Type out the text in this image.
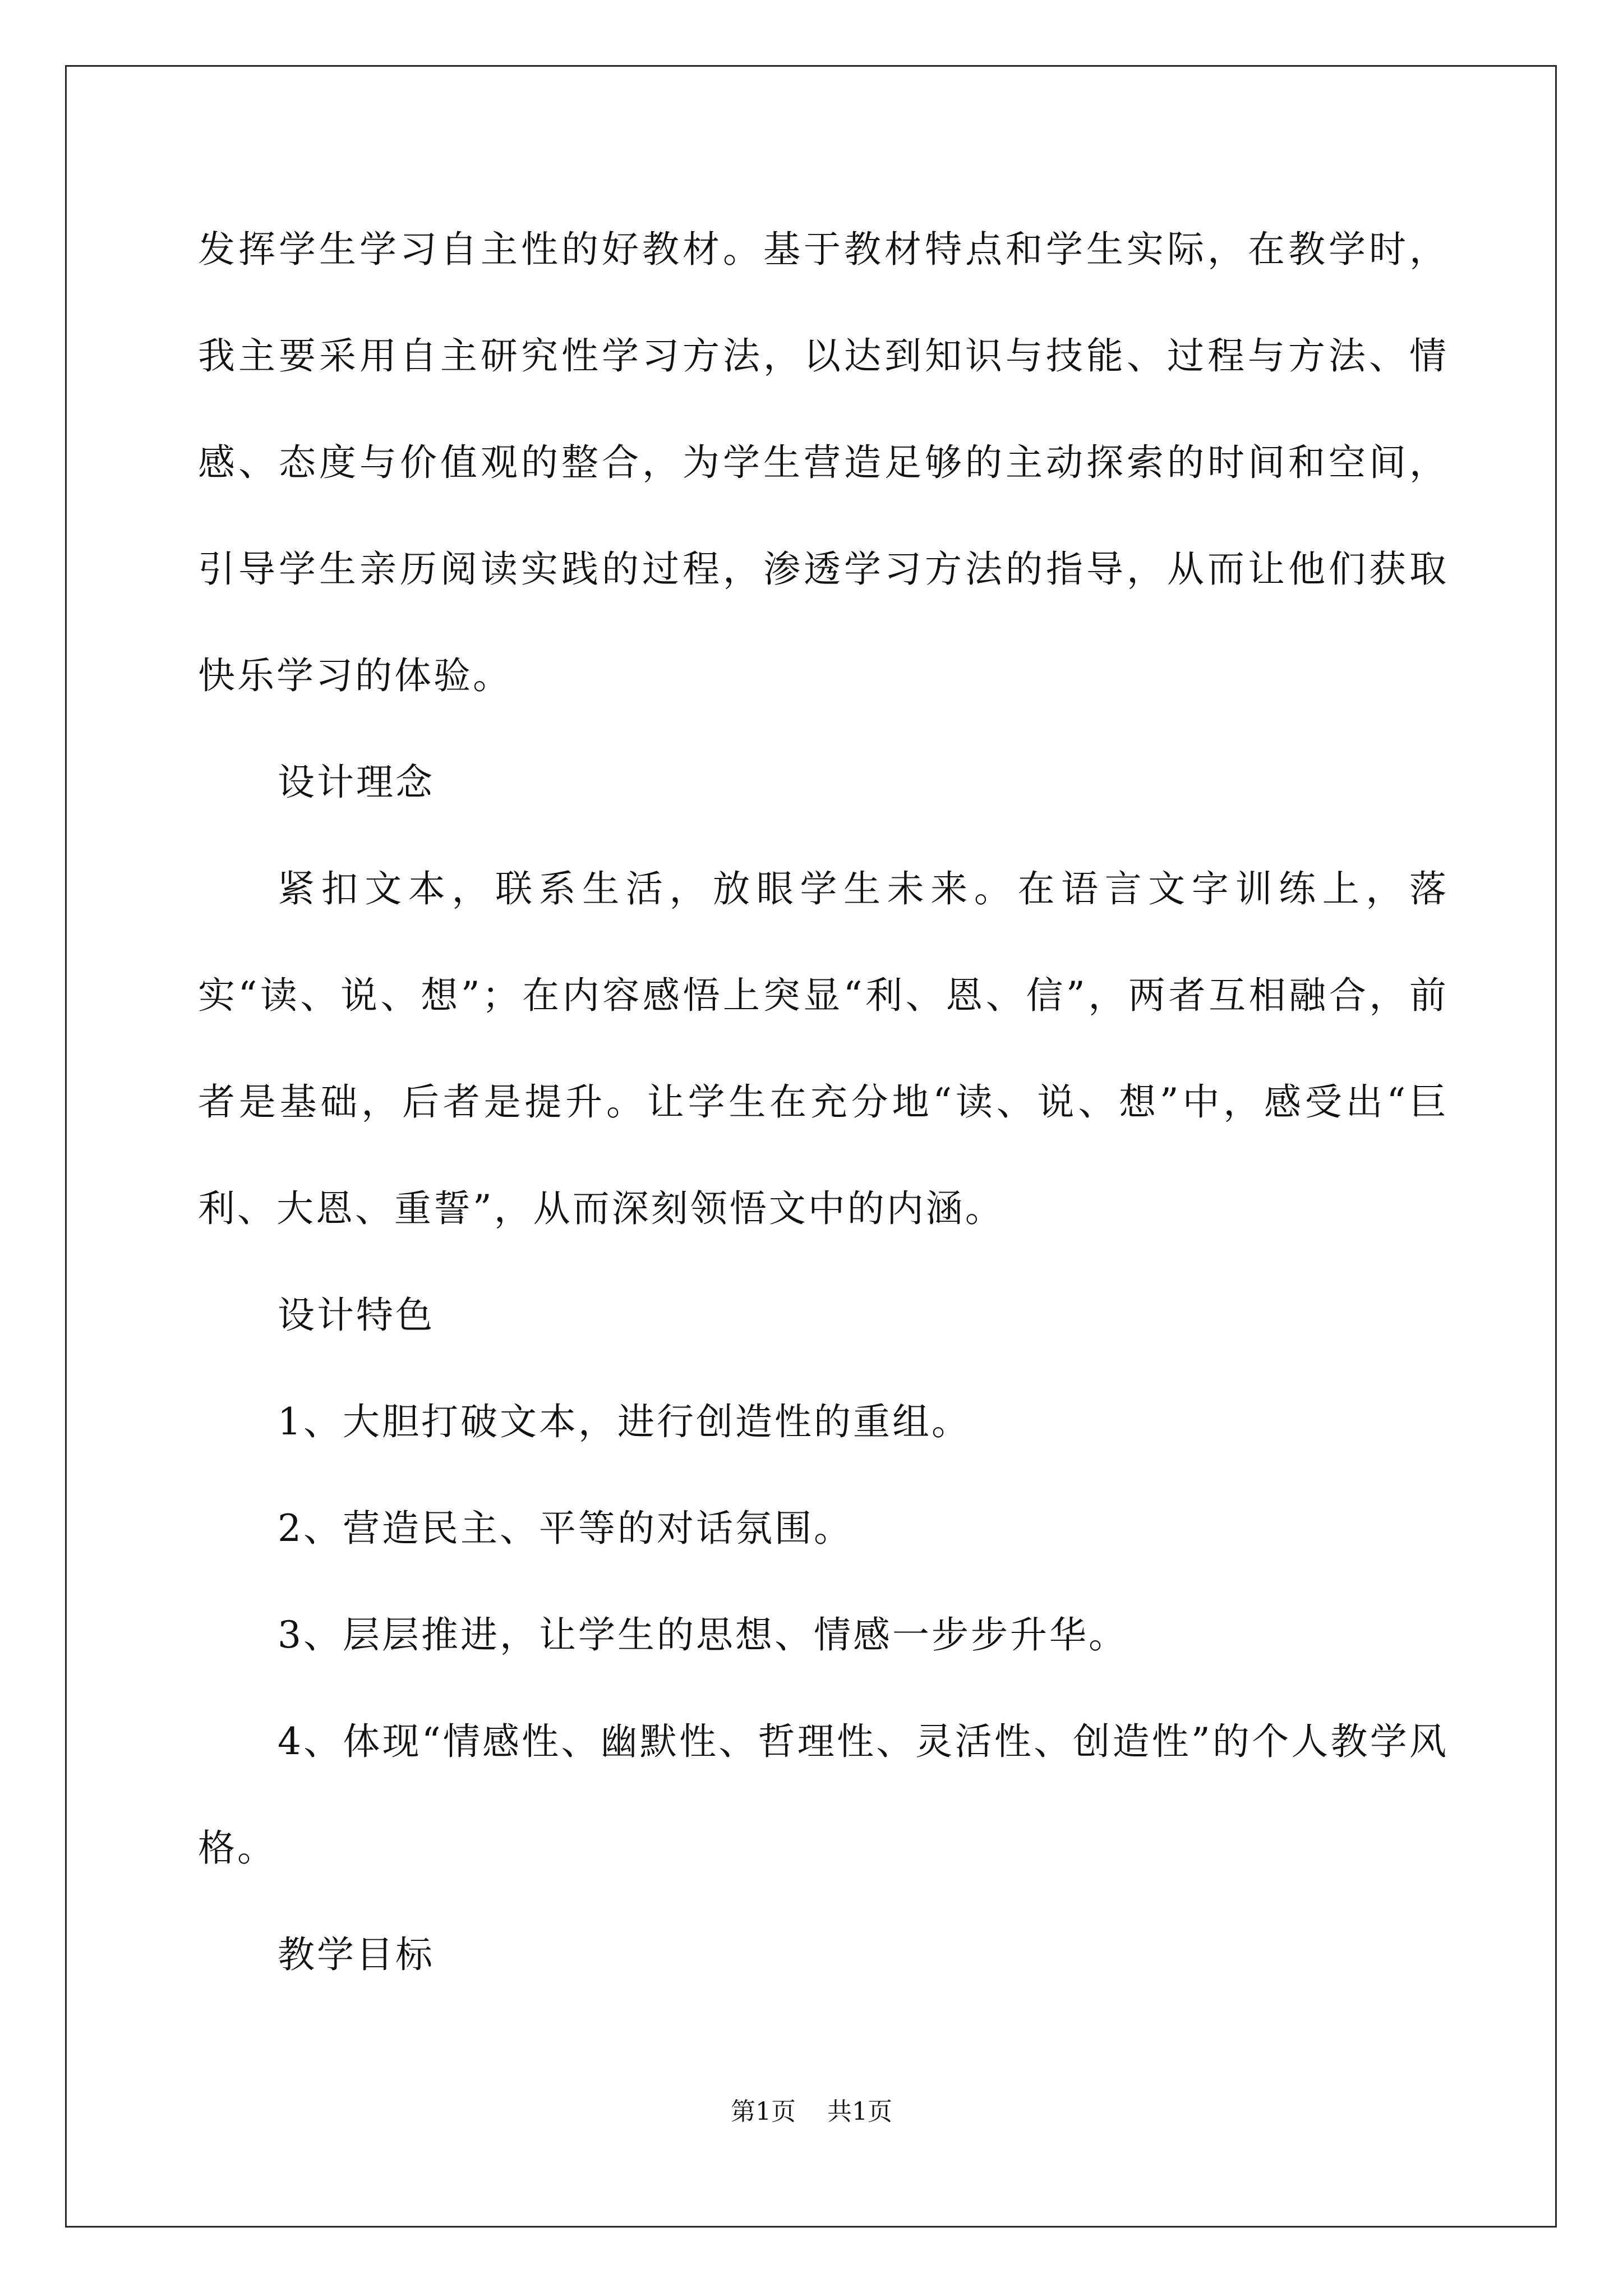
发挥学生学习自主性的好教材。基于教材特点和学生实际，在教学时，我主要采用自主研究性学习方法，以达到知识与技能、过程与方法、情感、态度与价值观的整合，为学生营造足够的主动探索的时间和空间，引导学生亲历阅读实践的过程，渗透学习方法的指导，从而让他们获取快乐学习的体验。

设计理念

紧扣文本，联系生活，放眼学生未来。在语言文字训练上，落实“读、说、想”；在内容感悟上突显“利、恩、信”，两者互相融合，前者是基础，后者是提升。让学生在充分地“读、说、想”中，感受出“巨利、大恩、重誓”，从而深刻领悟文中的内涵。

设计特色

1、大胆打破文本，进行创造性的重组。

2、营造民主、平等的对话氛围。

3、层层推进，让学生的思想、情感一步步升华。

4、体现“情感性、幽默性、哲理性、灵活性、创造性”的个人教学风格。

教学目标

第1页 共1页
